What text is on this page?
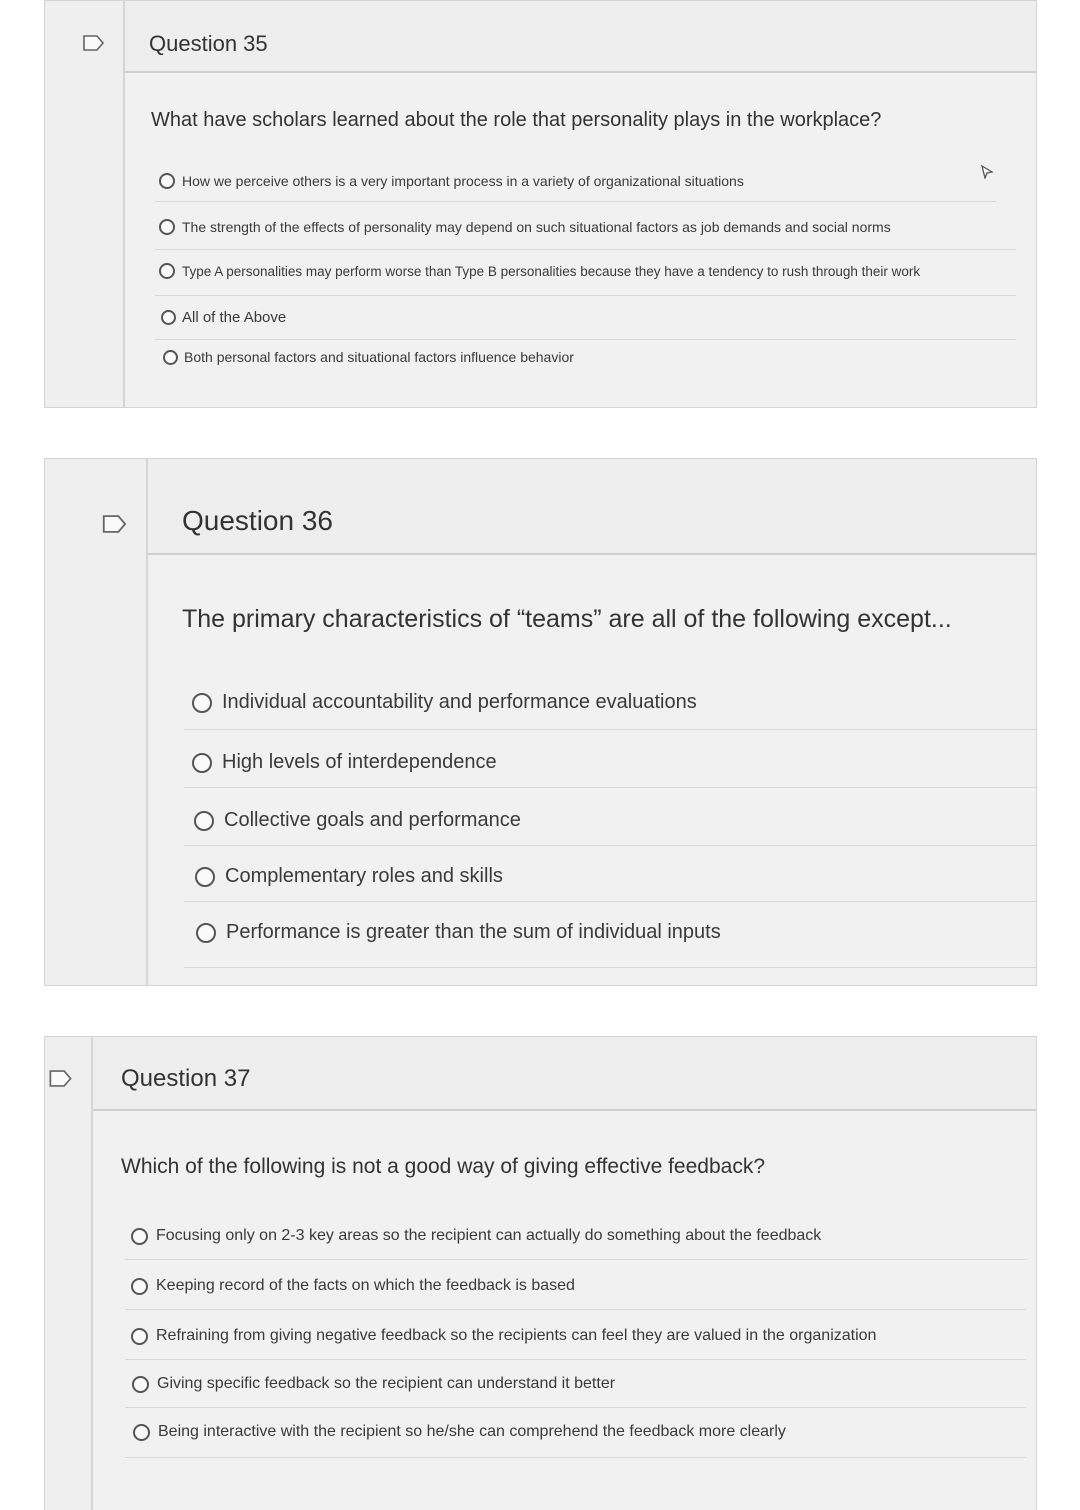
Question 35
What have scholars learned about the role that personality plays in the workplace?
How we perceive others is a very important process in a variety of organizational situations
The strength of the effects of personality may depend on such situational factors as job demands and social norms
Type A personalities may perform worse than Type B personalities because they have a tendency to rush through their work
All of the Above
Both personal factors and situational factors influence behavior
Question 36
The primary characteristics of “teams” are all of the following except...
Individual accountability and performance evaluations
High levels of interdependence
Collective goals and performance
Complementary roles and skills
Performance is greater than the sum of individual inputs
Question 37
Which of the following is not a good way of giving effective feedback?
Focusing only on 2-3 key areas so the recipient can actually do something about the feedback
Keeping record of the facts on which the feedback is based
Refraining from giving negative feedback so the recipients can feel they are valued in the organization
Giving specific feedback so the recipient can understand it better
Being interactive with the recipient so he/she can comprehend the feedback more clearly
